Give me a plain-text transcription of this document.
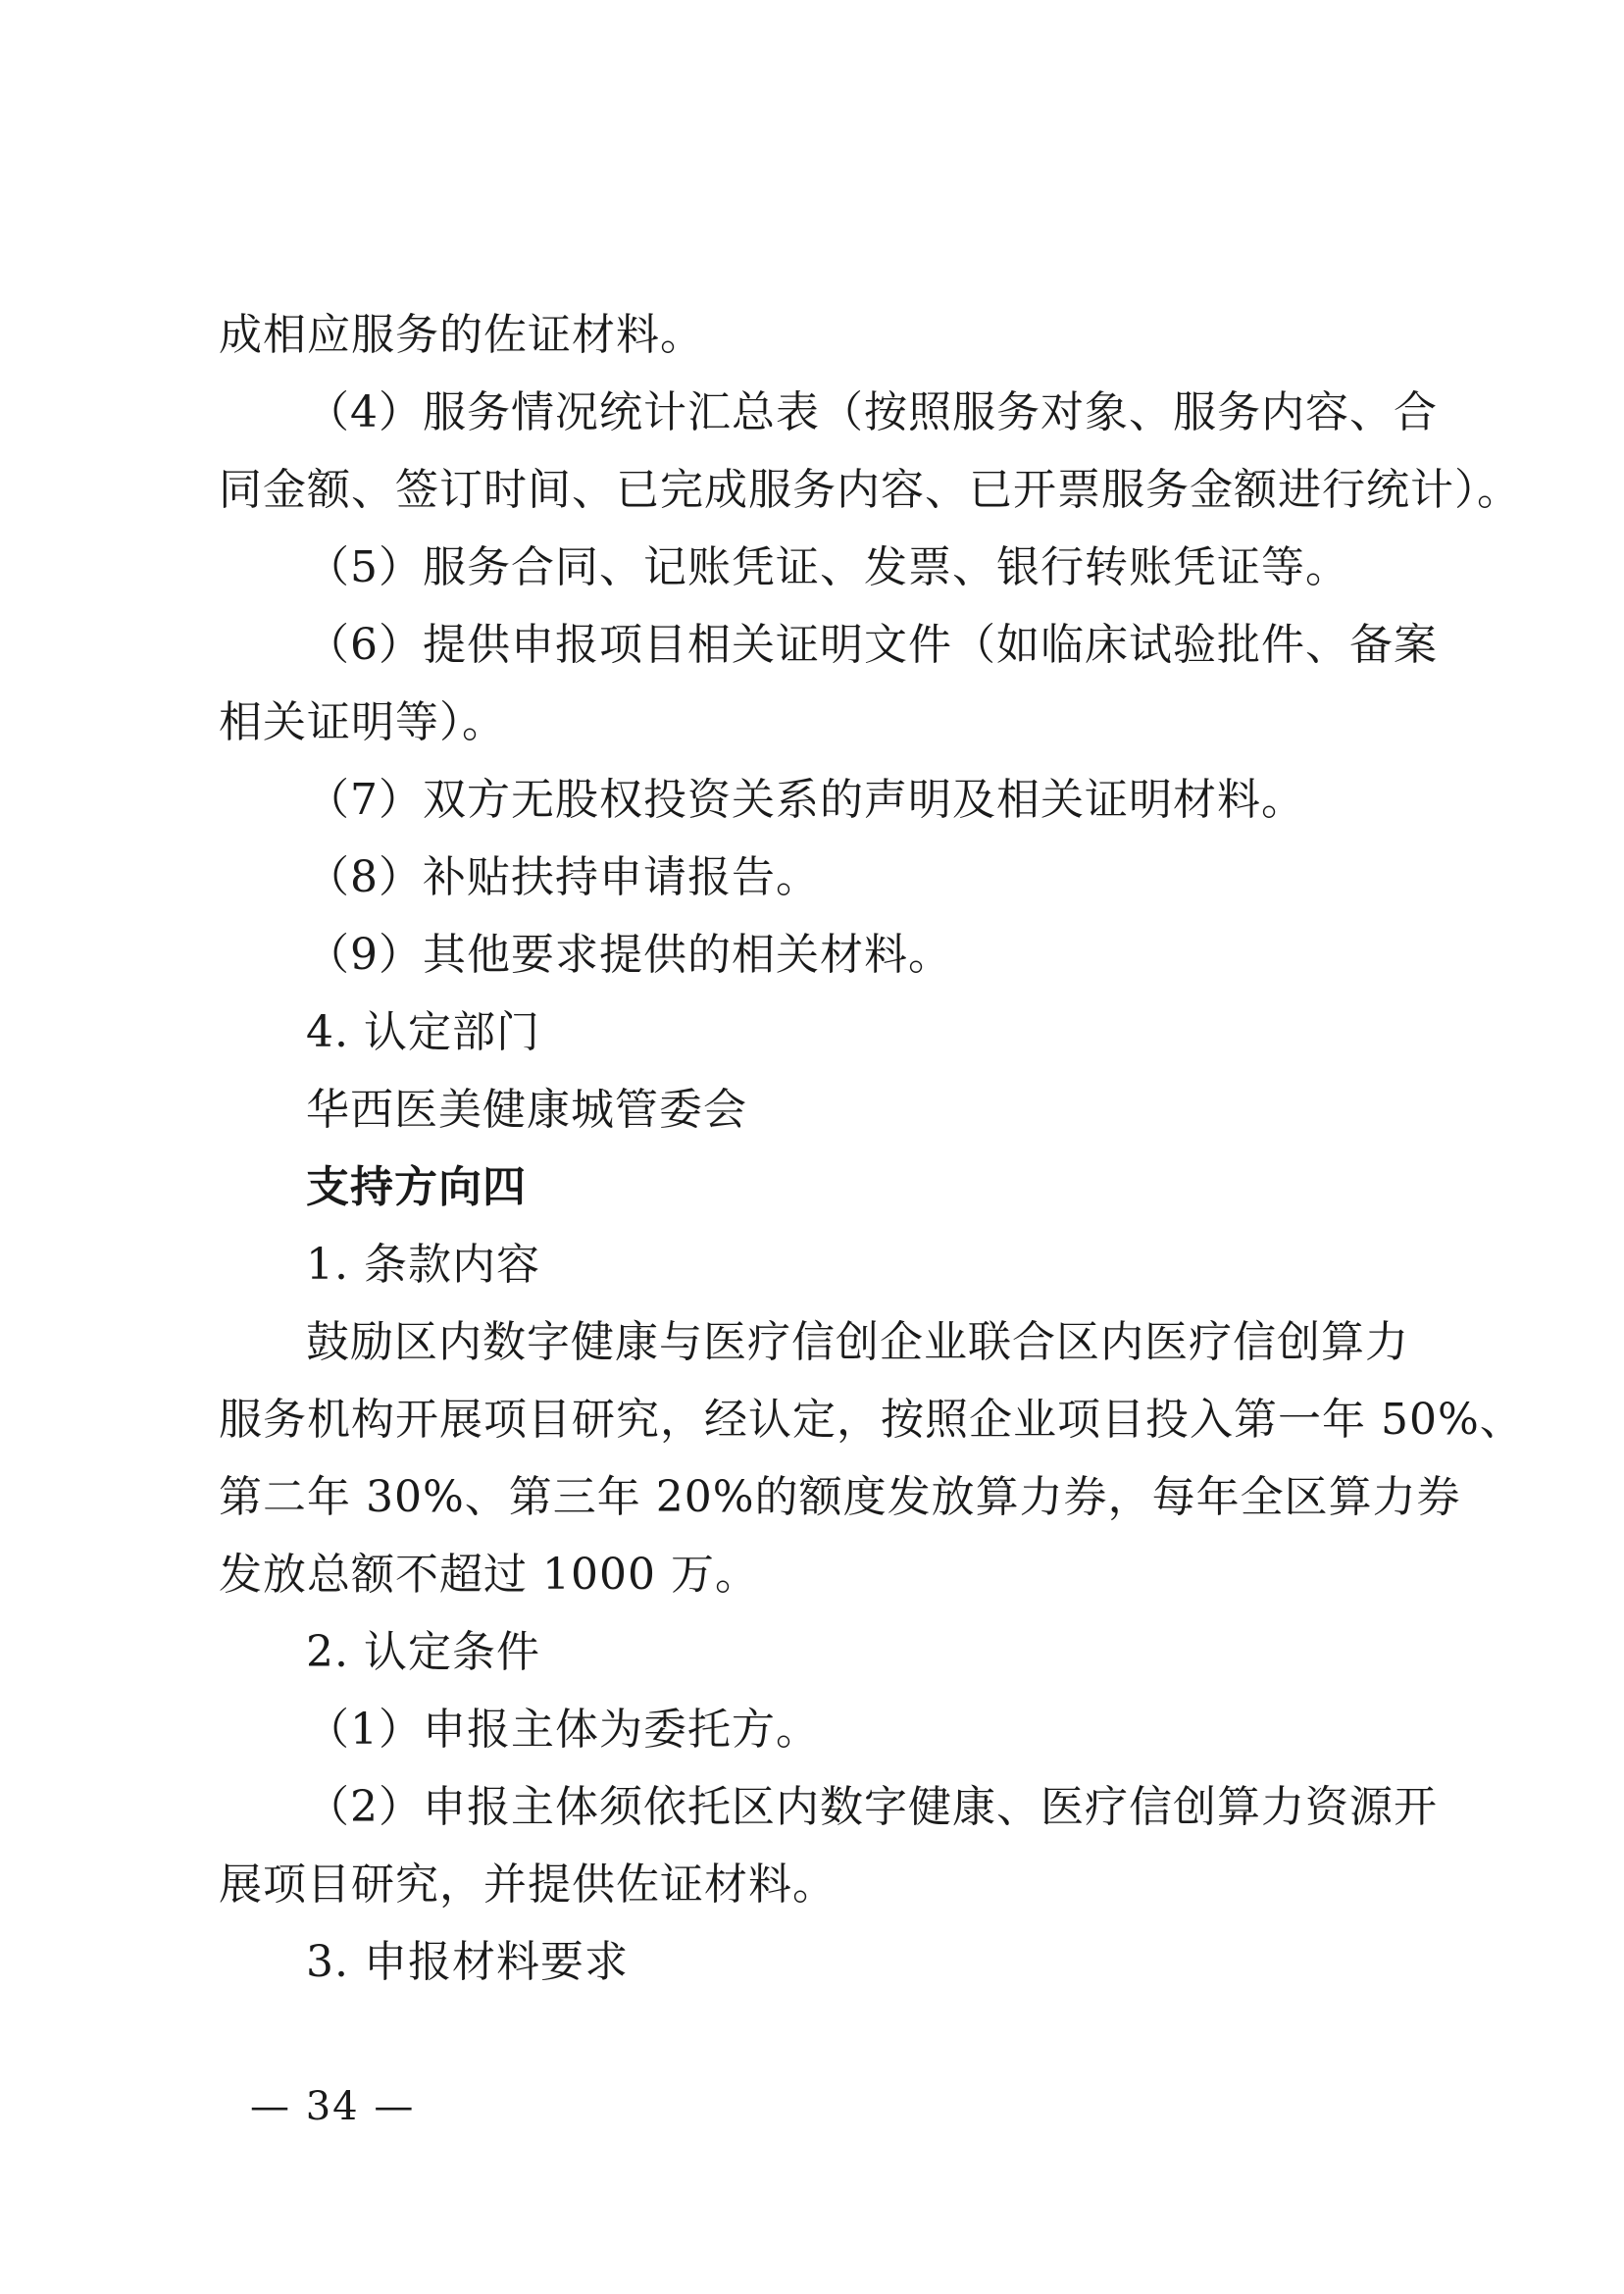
成相应服务的佐证材料。
（4）服务情况统计汇总表（按照服务对象、服务内容、合
同金额、签订时间、已完成服务内容、已开票服务金额进行统计）。
（5）服务合同、记账凭证、发票、银行转账凭证等。
（6）提供申报项目相关证明文件（如临床试验批件、备案
相关证明等）。
（7）双方无股权投资关系的声明及相关证明材料。
（8）补贴扶持申请报告。
（9）其他要求提供的相关材料。
4. 认定部门
华西医美健康城管委会
支持方向四
1. 条款内容
鼓励区内数字健康与医疗信创企业联合区内医疗信创算力
服务机构开展项目研究，经认定，按照企业项目投入第一年 50%、
第二年 30%、第三年 20%的额度发放算力券，每年全区算力券
发放总额不超过 1000 万。
2. 认定条件
（1）申报主体为委托方。
（2）申报主体须依托区内数字健康、医疗信创算力资源开
展项目研究，并提供佐证材料。
3. 申报材料要求
— 34 —
